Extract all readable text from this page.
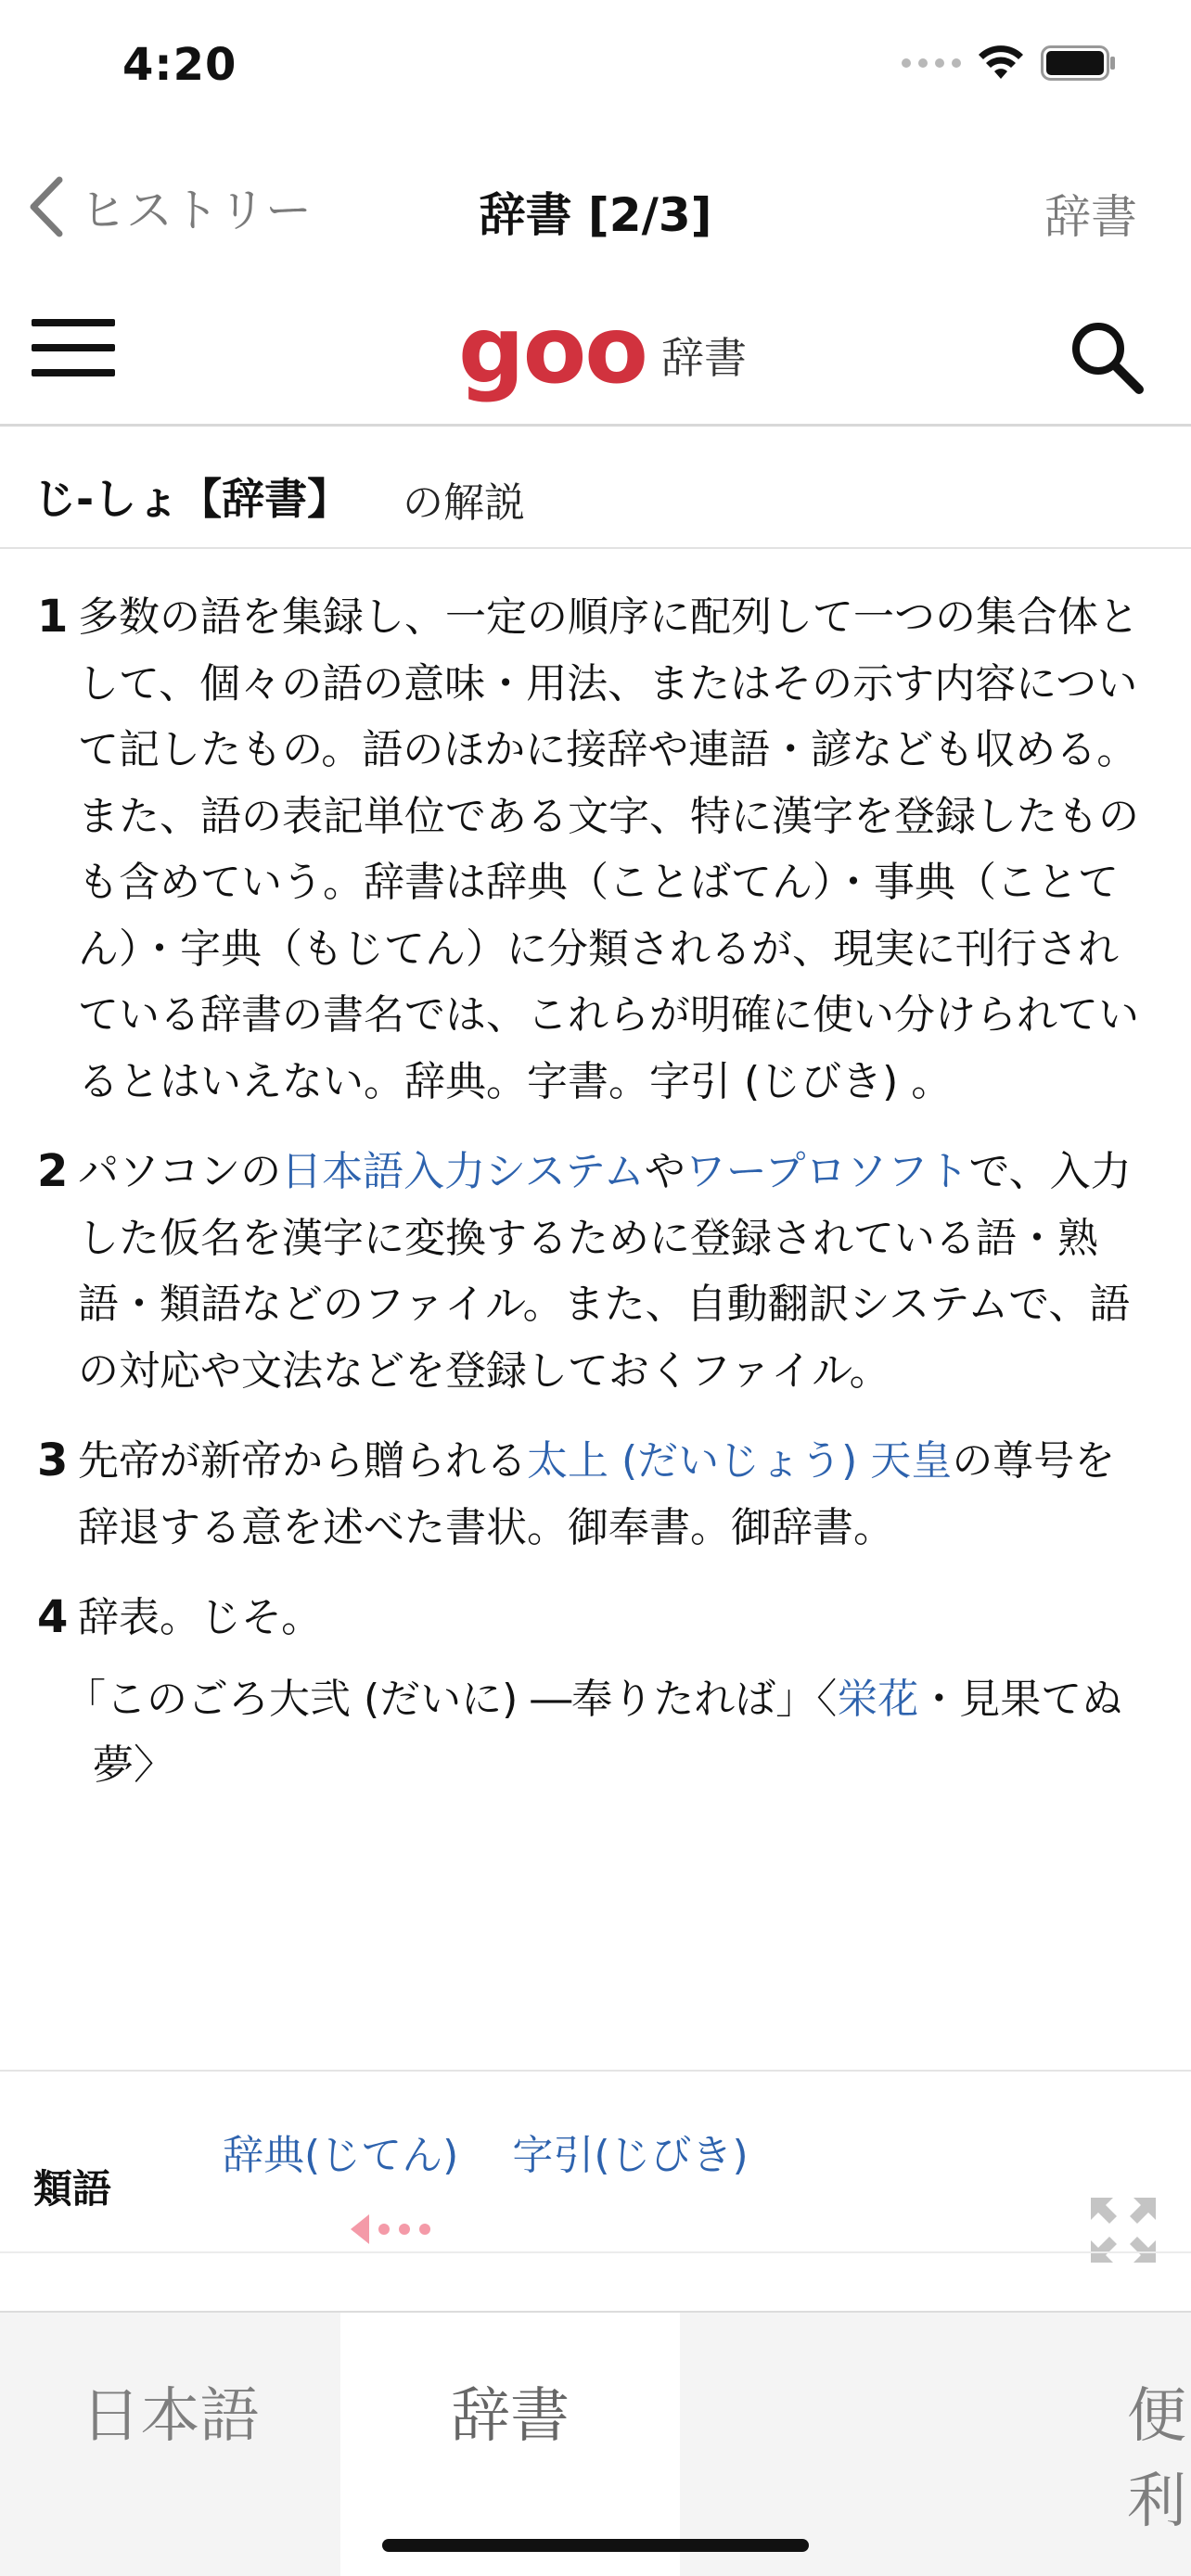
4:20
ヒストリー	辞書 [2/3]	辞書
goo 辞書
じ-しょ【辞書】 の解説
1 多数の語を集録し、一定の順序に配列して一つの集合体として、個々の語の意味・用法、またはその示す内容について記したもの。語のほかに接辞や連語・諺なども収める。また、語の表記単位である文字、特に漢字を登録したものも含めていう。辞書は辞典（ことばてん）・事典（ことてん）・字典（もじてん）に分類されるが、現実に刊行されている辞書の書名では、これらが明確に使い分けられているとはいえない。辞典。字書。字引 (じびき) 。
2 パソコンの日本語入力システムやワープロソフトで、入力した仮名を漢字に変換するために登録されている語・熟語・類語などのファイル。また、自動翻訳システムで、語の対応や文法などを登録しておくファイル。
3 先帝が新帝から贈られる太上 (だいじょう) 天皇の尊号を辞退する意を述べた書状。御奉書。御辞書。
4 辞表。じそ。
「このごろ大弐 (だいに) ―奉りたれば」〈栄花・見果てぬ夢〉
類語
辞典(じてん) 字引(じびき)
日本語	辞書	便利
